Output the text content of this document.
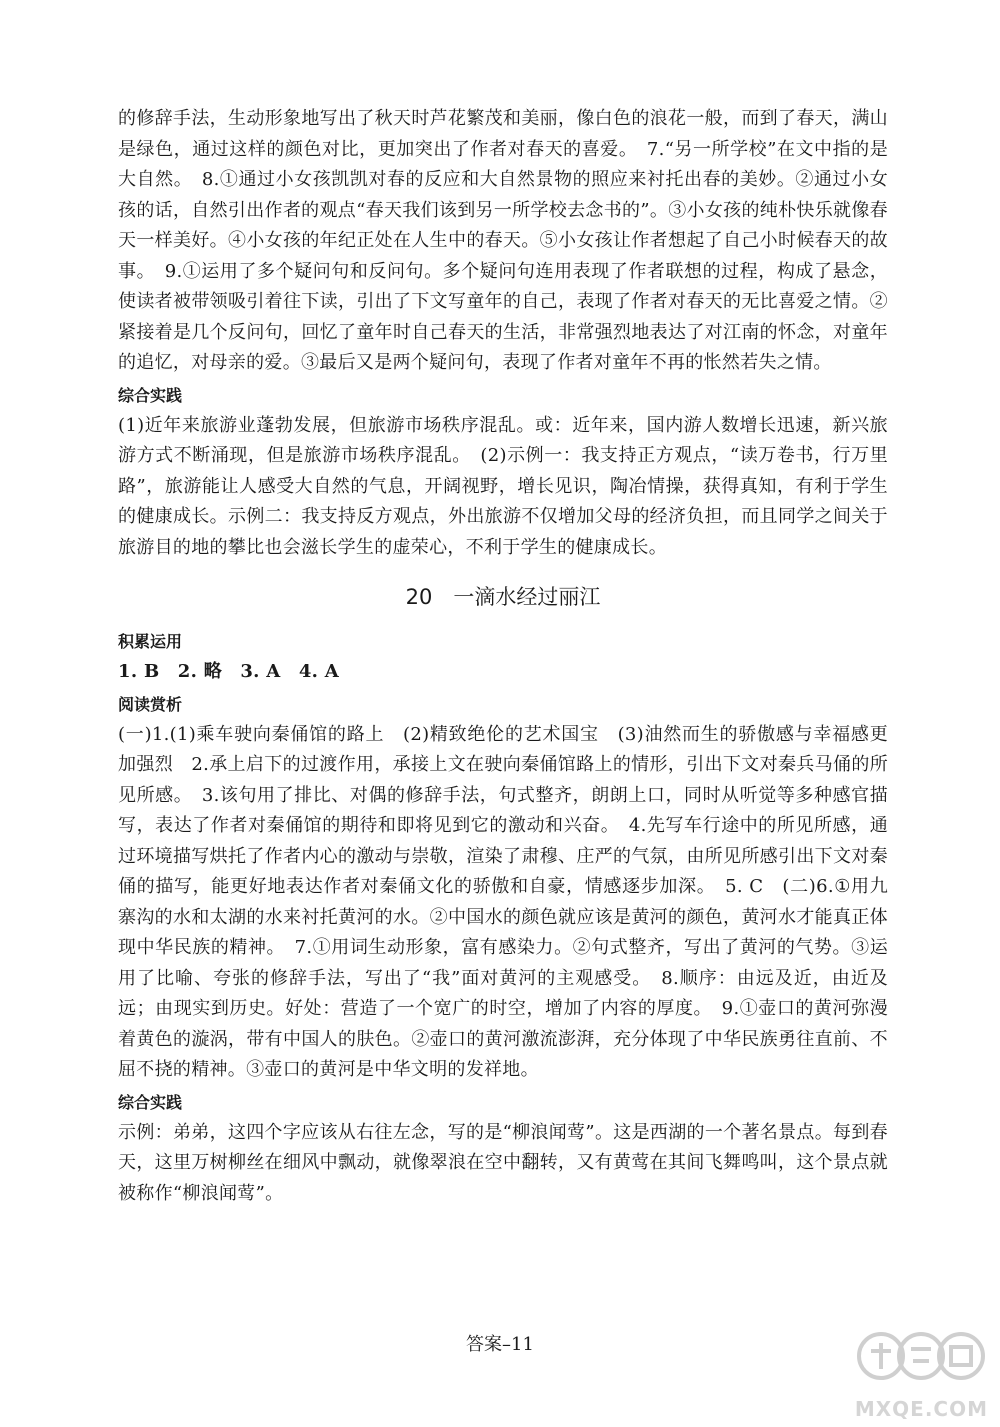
的修辞手法，生动形象地写出了秋天时芦花繁茂和美丽，像白色的浪花一般，而到了春天，满山是绿色，通过这样的颜色对比，更加突出了作者对春天的喜爱。　7.“另一所学校”在文中指的是大自然。　8.①通过小女孩凯凯对春的反应和大自然景物的照应来衬托出春的美妙。②通过小女孩的话，自然引出作者的观点“春天我们该到另一所学校去念书的”。③小女孩的纯朴快乐就像春天一样美好。④小女孩的年纪正处在人生中的春天。⑤小女孩让作者想起了自己小时候春天的故事。　9.①运用了多个疑问句和反问句。多个疑问句连用表现了作者联想的过程，构成了悬念，使读者被带领吸引着往下读，引出了下文写童年的自己，表现了作者对春天的无比喜爱之情。②紧接着是几个反问句，回忆了童年时自己春天的生活，非常强烈地表达了对江南的怀念，对童年的追忆，对母亲的爱。③最后又是两个疑问句，表现了作者对童年不再的怅然若失之情。

综合实践

(1)近年来旅游业蓬勃发展，但旅游市场秩序混乱。或：近年来，国内游人数增长迅速，新兴旅游方式不断涌现，但是旅游市场秩序混乱。　(2)示例一：我支持正方观点，“读万卷书，行万里路”，旅游能让人感受大自然的气息，开阔视野，增长见识，陶冶情操，获得真知，有利于学生的健康成长。示例二：我支持反方观点，外出旅游不仅增加父母的经济负担，而且同学之间关于旅游目的地的攀比也会滋长学生的虚荣心，不利于学生的健康成长。

20　一滴水经过丽江
积累运用

1. B　2. 略　3. A　4. A

阅读赏析

(一)1.(1)乘车驶向秦俑馆的路上　(2)精致绝伦的艺术国宝　(3)油然而生的骄傲感与幸福感更加强烈　2.承上启下的过渡作用，承接上文在驶向秦俑馆路上的情形，引出下文对秦兵马俑的所见所感。　3.该句用了排比、对偶的修辞手法，句式整齐，朗朗上口，同时从听觉等多种感官描写，表达了作者对秦俑馆的期待和即将见到它的激动和兴奋。　4.先写车行途中的所见所感，通过环境描写烘托了作者内心的激动与崇敬，渲染了肃穆、庄严的气氛，由所见所感引出下文对秦俑的描写，能更好地表达作者对秦俑文化的骄傲和自豪，情感逐步加深。　5. C　(二)6.①用九寨沟的水和太湖的水来衬托黄河的水。②中国水的颜色就应该是黄河的颜色，黄河水才能真正体现中华民族的精神。　7.①用词生动形象，富有感染力。②句式整齐，写出了黄河的气势。③运用了比喻、夸张的修辞手法，写出了“我”面对黄河的主观感受。　8.顺序：由远及近，由近及远；由现实到历史。好处：营造了一个宽广的时空，增加了内容的厚度。　9.①壶口的黄河弥漫着黄色的漩涡，带有中国人的肤色。②壶口的黄河激流澎湃，充分体现了中华民族勇往直前、不屈不挠的精神。③壶口的黄河是中华文明的发祥地。

综合实践

示例：弟弟，这四个字应该从右往左念，写的是“柳浪闻莺”。这是西湖的一个著名景点。每到春天，这里万树柳丝在细风中飘动，就像翠浪在空中翻转，又有黄莺在其间飞舞鸣叫，这个景点就被称作“柳浪闻莺”。

答案–11
MXQE.COM
